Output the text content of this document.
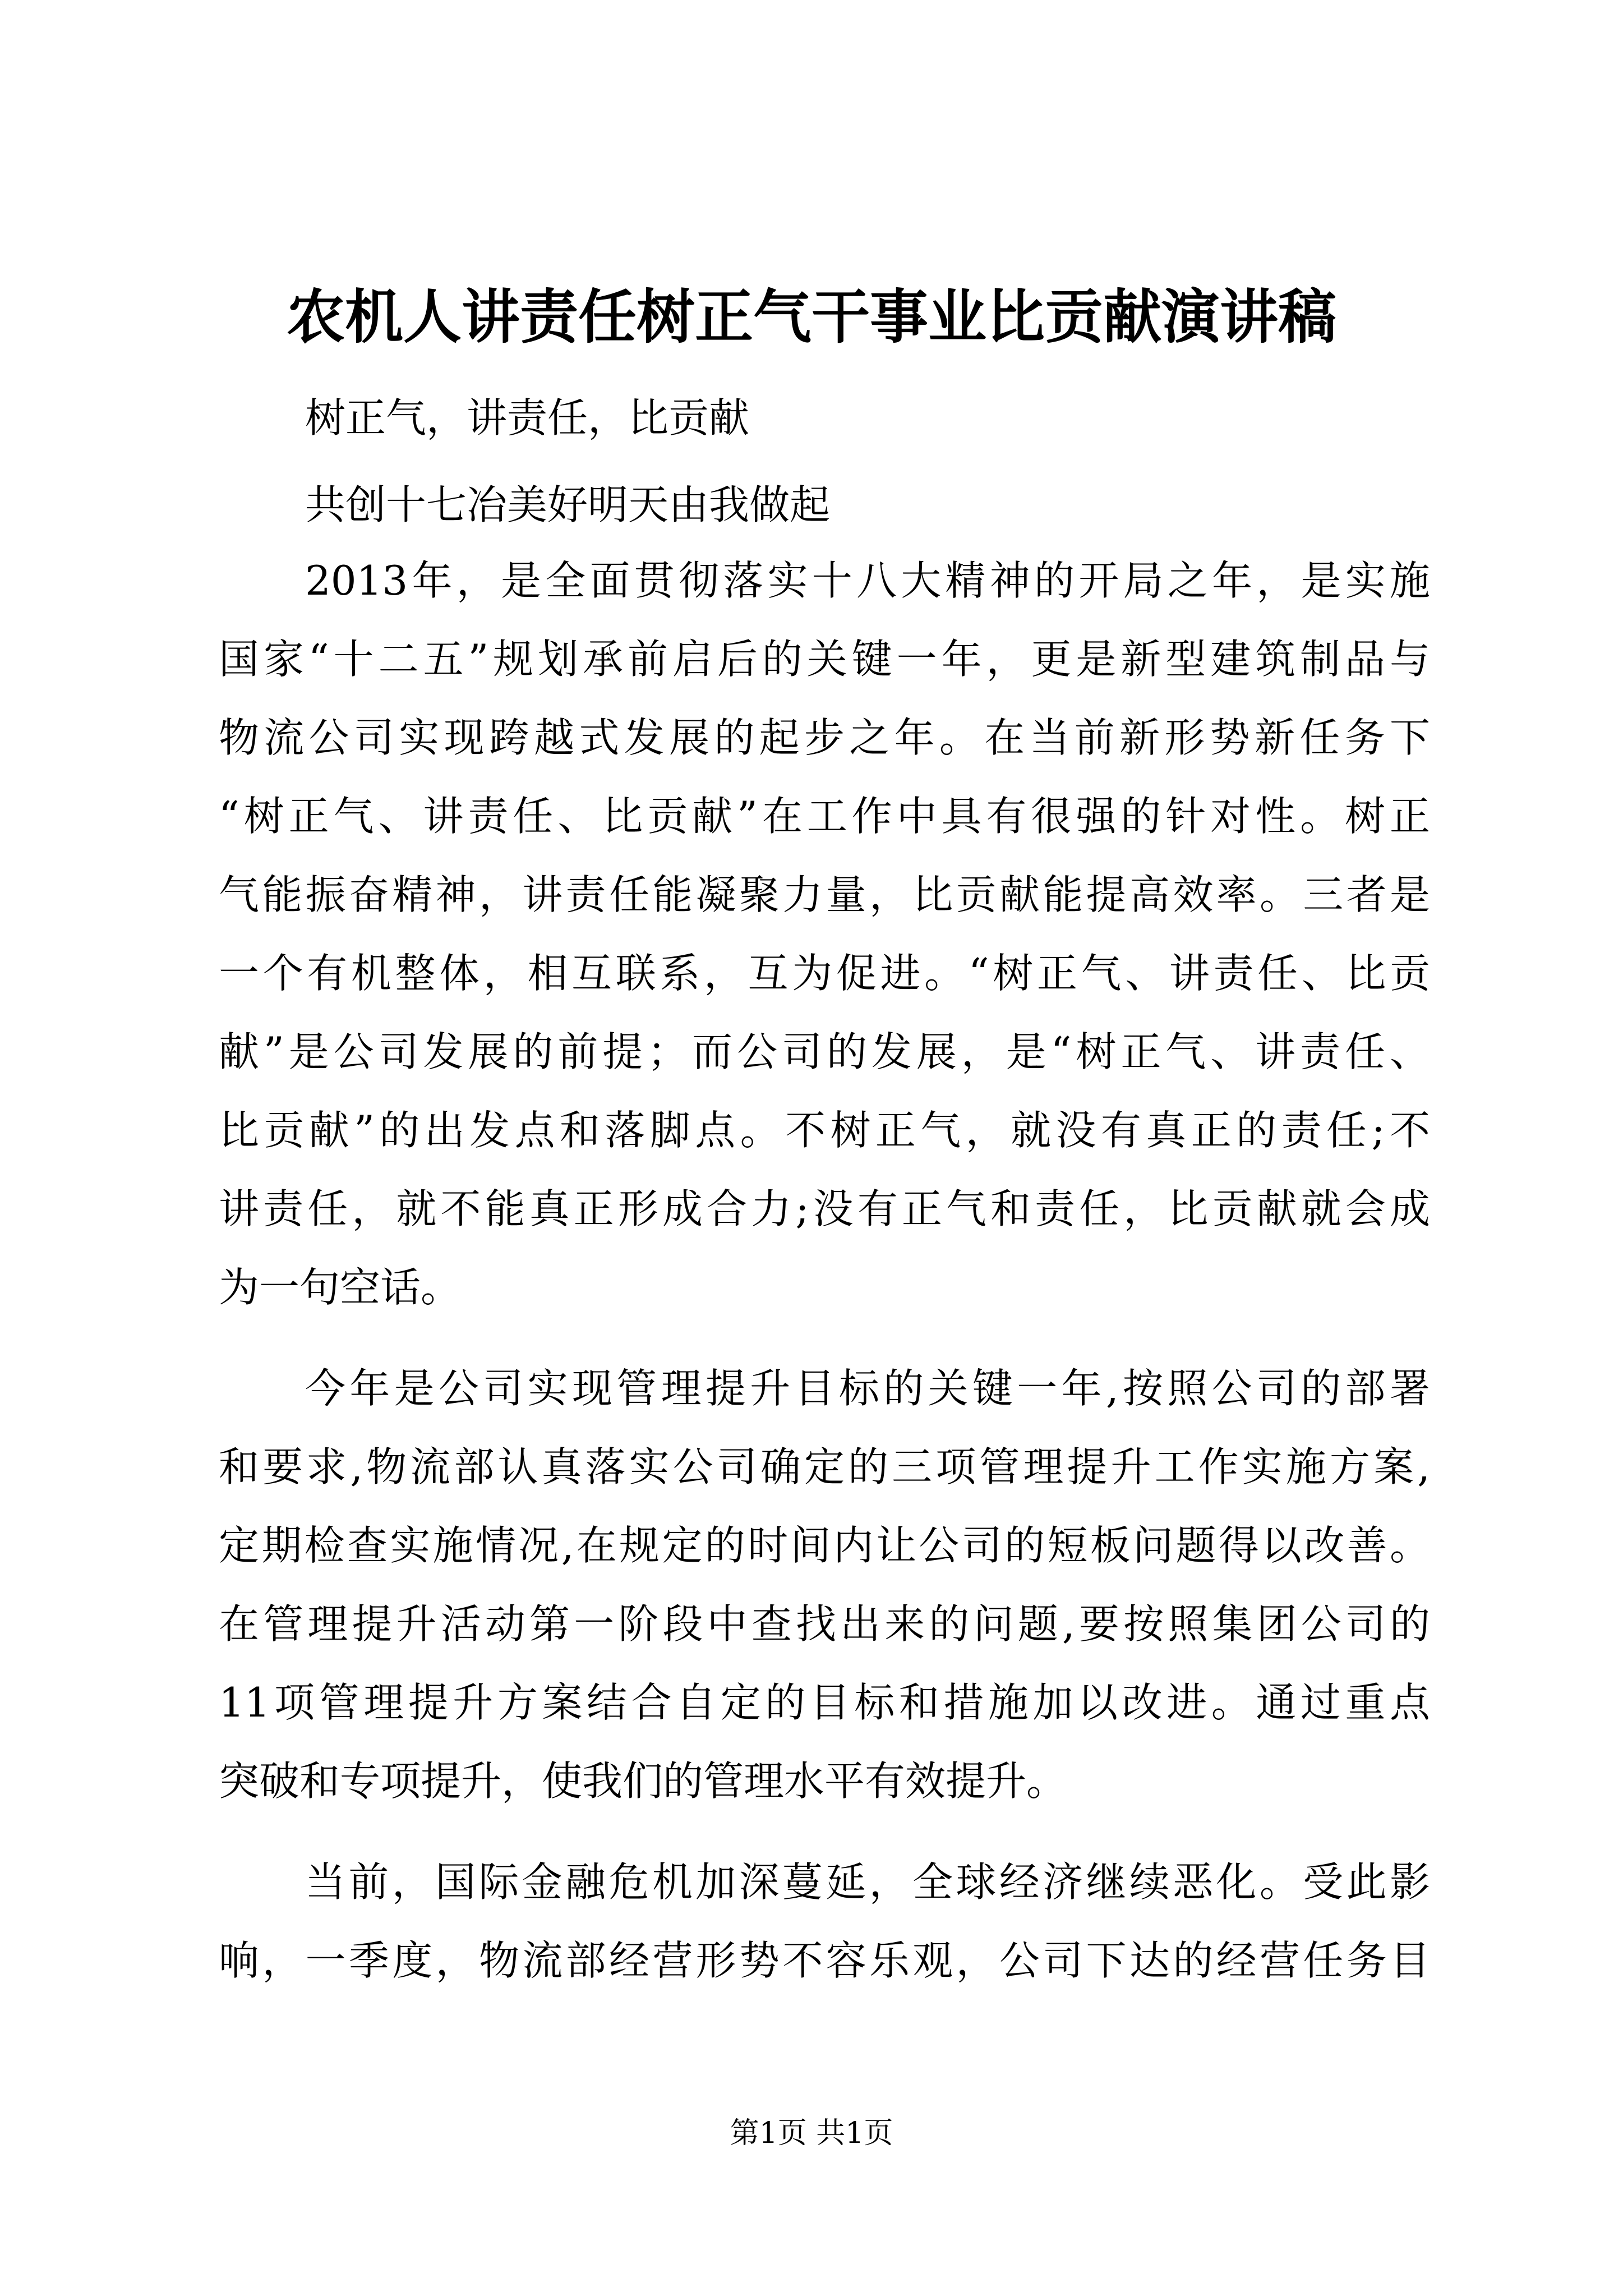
农机人讲责任树正气干事业比贡献演讲稿
树正气，讲责任，比贡献
共创十七冶美好明天由我做起
2013年，是全面贯彻落实十八大精神的开局之年，是实施
国家“十二五”规划承前启后的关键一年，更是新型建筑制品与
物流公司实现跨越式发展的起步之年。在当前新形势新任务下
“树正气、讲责任、比贡献”在工作中具有很强的针对性。树正
气能振奋精神，讲责任能凝聚力量，比贡献能提高效率。三者是
一个有机整体，相互联系，互为促进。“树正气、讲责任、比贡
献”是公司发展的前提；而公司的发展，是“树正气、讲责任、
比贡献”的出发点和落脚点。不树正气，就没有真正的责任;不
讲责任，就不能真正形成合力;没有正气和责任，比贡献就会成
为一句空话。
今年是公司实现管理提升目标的关键一年,按照公司的部署
和要求,物流部认真落实公司确定的三项管理提升工作实施方案,
定期检查实施情况,在规定的时间内让公司的短板问题得以改善。
在管理提升活动第一阶段中查找出来的问题,要按照集团公司的
11项管理提升方案结合自定的目标和措施加以改进。通过重点
突破和专项提升，使我们的管理水平有效提升。
当前，国际金融危机加深蔓延，全球经济继续恶化。受此影
响，一季度，物流部经营形势不容乐观，公司下达的经营任务目
第1页 共1页
